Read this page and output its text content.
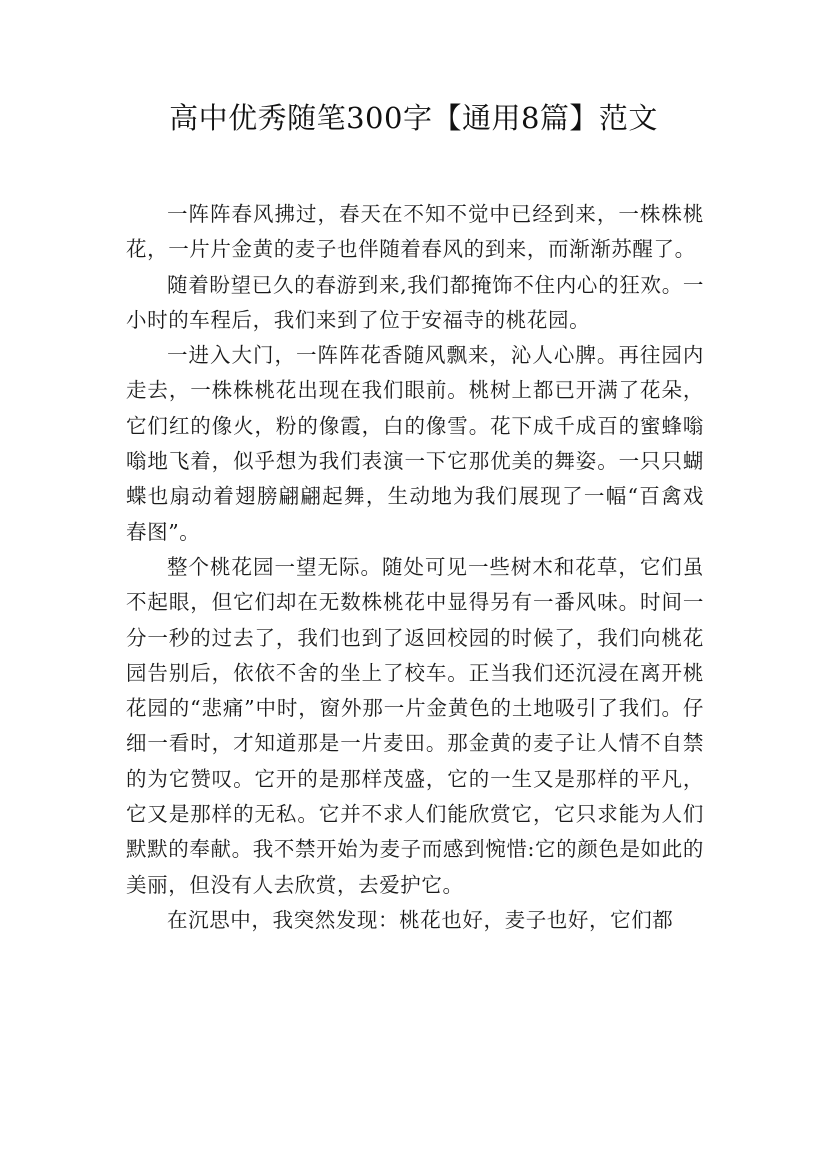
高中优秀随笔300字【通用8篇】范文

一阵阵春风拂过，春天在不知不觉中已经到来，一株株桃花，一片片金黄的麦子也伴随着春风的到来，而渐渐苏醒了。

随着盼望已久的春游到来,我们都掩饰不住内心的狂欢。一小时的车程后，我们来到了位于安福寺的桃花园。

一进入大门，一阵阵花香随风飘来，沁人心脾。再往园内走去，一株株桃花出现在我们眼前。桃树上都已开满了花朵，它们红的像火，粉的像霞，白的像雪。花下成千成百的蜜蜂嗡嗡地飞着，似乎想为我们表演一下它那优美的舞姿。一只只蝴蝶也扇动着翅膀翩翩起舞，生动地为我们展现了一幅“百禽戏春图”。

整个桃花园一望无际。随处可见一些树木和花草，它们虽不起眼，但它们却在无数株桃花中显得另有一番风味。时间一分一秒的过去了，我们也到了返回校园的时候了，我们向桃花园告别后，依依不舍的坐上了校车。正当我们还沉浸在离开桃花园的“悲痛”中时，窗外那一片金黄色的土地吸引了我们。仔细一看时，才知道那是一片麦田。那金黄的麦子让人情不自禁的为它赞叹。它开的是那样茂盛，它的一生又是那样的平凡，它又是那样的无私。它并不求人们能欣赏它，它只求能为人们默默的奉献。我不禁开始为麦子而感到惋惜:它的颜色是如此的美丽，但没有人去欣赏，去爱护它。

在沉思中，我突然发现：桃花也好，麦子也好，它们都
